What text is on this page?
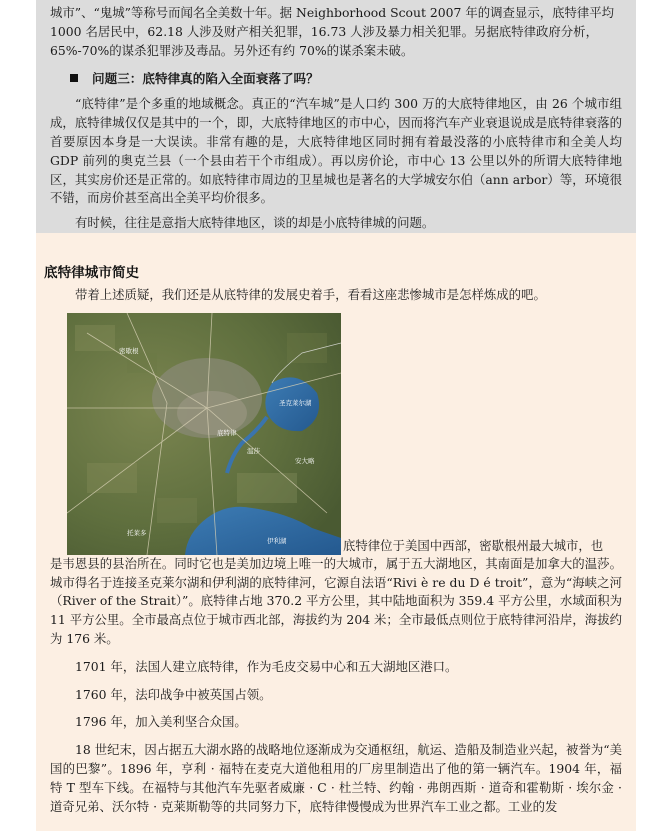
城市”、“鬼城”等称号而闻名全美数十年。据 Neighborhood Scout 2007 年的调查显示，底特律平均

1000 名居民中，62.18 人涉及财产相关犯罪，16.73 人涉及暴力相关犯罪。另据底特律政府分析，

65%-70%的谋杀犯罪涉及毒品。另外还有约 70%的谋杀案未破。

问题三：底特律真的陷入全面衰落了吗？

“底特律”是个多重的地域概念。真正的“汽车城”是人口约 300 万的大底特律地区，由 26 个城市组成，底特律城仅仅是其中的一个，即，大底特律地区的市中心，因而将汽车产业衰退说成是底特律衰落的首要原因本身是一大误读。非常有趣的是，大底特律地区同时拥有着最没落的小底特律市和全美人均 GDP 前列的奥克兰县（一个县由若干个市组成）。再以房价论，市中心 13 公里以外的所谓大底特律地区，其实房价还是正常的。如底特律市周边的卫星城也是著名的大学城安尔伯（ann arbor）等，环境很不错，而房价甚至高出全美平均价很多。

有时候，往往是意指大底特律地区，谈的却是小底特律城的问题。

底特律城市简史

带着上述质疑，我们还是从底特律的发展史着手，看看这座悲惨城市是怎样炼成的吧。

密歇根
底特律
安大略
温莎
托莱多
伊利湖
圣克莱尔湖
底特律位于美国中西部，密歇根州最大城市，也

是韦恩县的县治所在。同时它也是美加边境上唯一的大城市，属于五大湖地区，其南面是加拿大的温莎。城市得名于连接圣克莱尔湖和伊利湖的底特律河，它源自法语“Rivi è re du D é troit”，意为“海峡之河（River of the Strait）”。底特律占地 370.2 平方公里，其中陆地面积为 359.4 平方公里，水域面积为 11 平方公里。全市最高点位于城市西北部，海拔约为 204 米；全市最低点则位于底特律河沿岸，海拔约为 176 米。

1701 年，法国人建立底特律，作为毛皮交易中心和五大湖地区港口。

1760 年，法印战争中被英国占领。

1796 年，加入美利坚合众国。

18 世纪末，因占据五大湖水路的战略地位逐渐成为交通枢纽，航运、造船及制造业兴起，被誉为“美国的巴黎”。1896 年，亨利 · 福特在麦克大道他租用的厂房里制造出了他的第一辆汽车。1904 年，福特 T 型车下线。在福特与其他汽车先驱者威廉 · C · 杜兰特、约翰 · 弗朗西斯 · 道奇和霍勒斯 · 埃尔金 · 道奇兄弟、沃尔特 · 克莱斯勒等的共同努力下，底特律慢慢成为世界汽车工业之都。工业的发
